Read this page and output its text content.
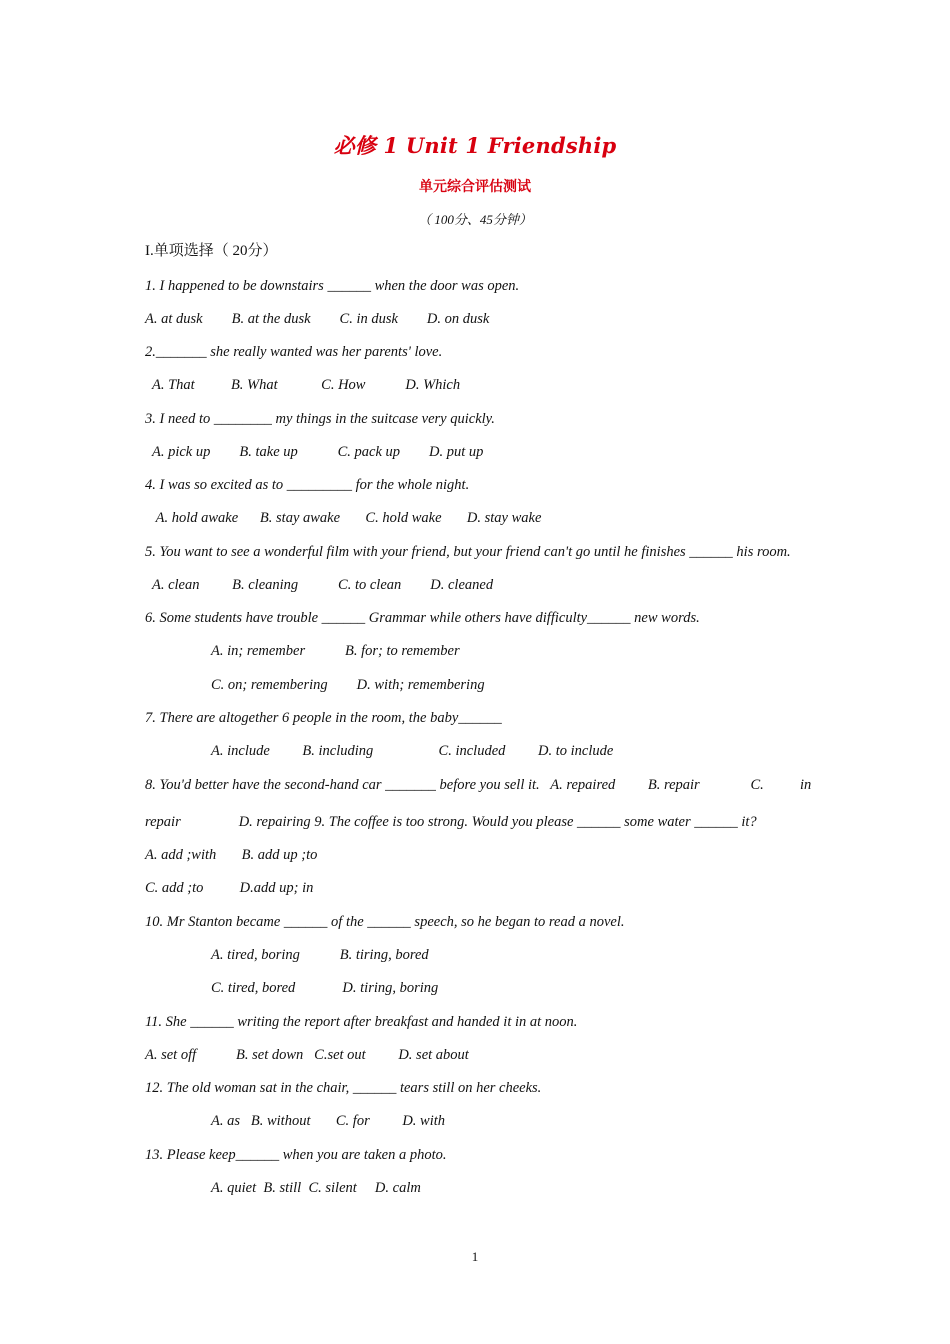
必修 1 Unit 1 Friendship
单元综合评估测试
（ 100分、45分钟）
I.单项选择（ 20分）
1. I happened to be downstairs ______ when the door was open.
A. at dusk        B. at the dusk        C. in dusk        D. on dusk
2._______ she really wanted was her parents' love.
A. That          B. What            C. How           D. Which
3. I need to ________ my things in the suitcase very quickly.
A. pick up        B. take up           C. pack up        D. put up
4. I was so excited as to _________ for the whole night.
A. hold awake      B. stay awake       C. hold wake       D. stay wake
5. You want to see a wonderful film with your friend, but your friend can't go until he finishes ______ his room.
A. clean         B. cleaning           C. to clean        D. cleaned
6. Some students have trouble ______ Grammar while others have difficulty______ new words.
A. in; remember           B. for; to remember
C. on; remembering        D. with; remembering
7. There are altogether 6 people in the room, the baby______
A. include         B. including                  C. included         D. to include
8. You'd better have the second-hand car _______ before you sell it.   A. repaired         B. repair              C.          in
repair                D. repairing 9. The coffee is too strong. Would you please ______ some water ______ it?
A. add ;with       B. add up ;to
C. add ;to          D.add up; in
10. Mr Stanton became ______ of the ______ speech, so he began to read a novel.
A. tired, boring           B. tiring, bored
C. tired, bored             D. tiring, boring
11. She ______ writing the report after breakfast and handed it in at noon.
A. set off           B. set down   C.set out         D. set about
12. The old woman sat in the chair, ______ tears still on her cheeks.
A. as   B. without       C. for         D. with
13. Please keep______ when you are taken a photo.
A. quiet  B. still  C. silent     D. calm
1
